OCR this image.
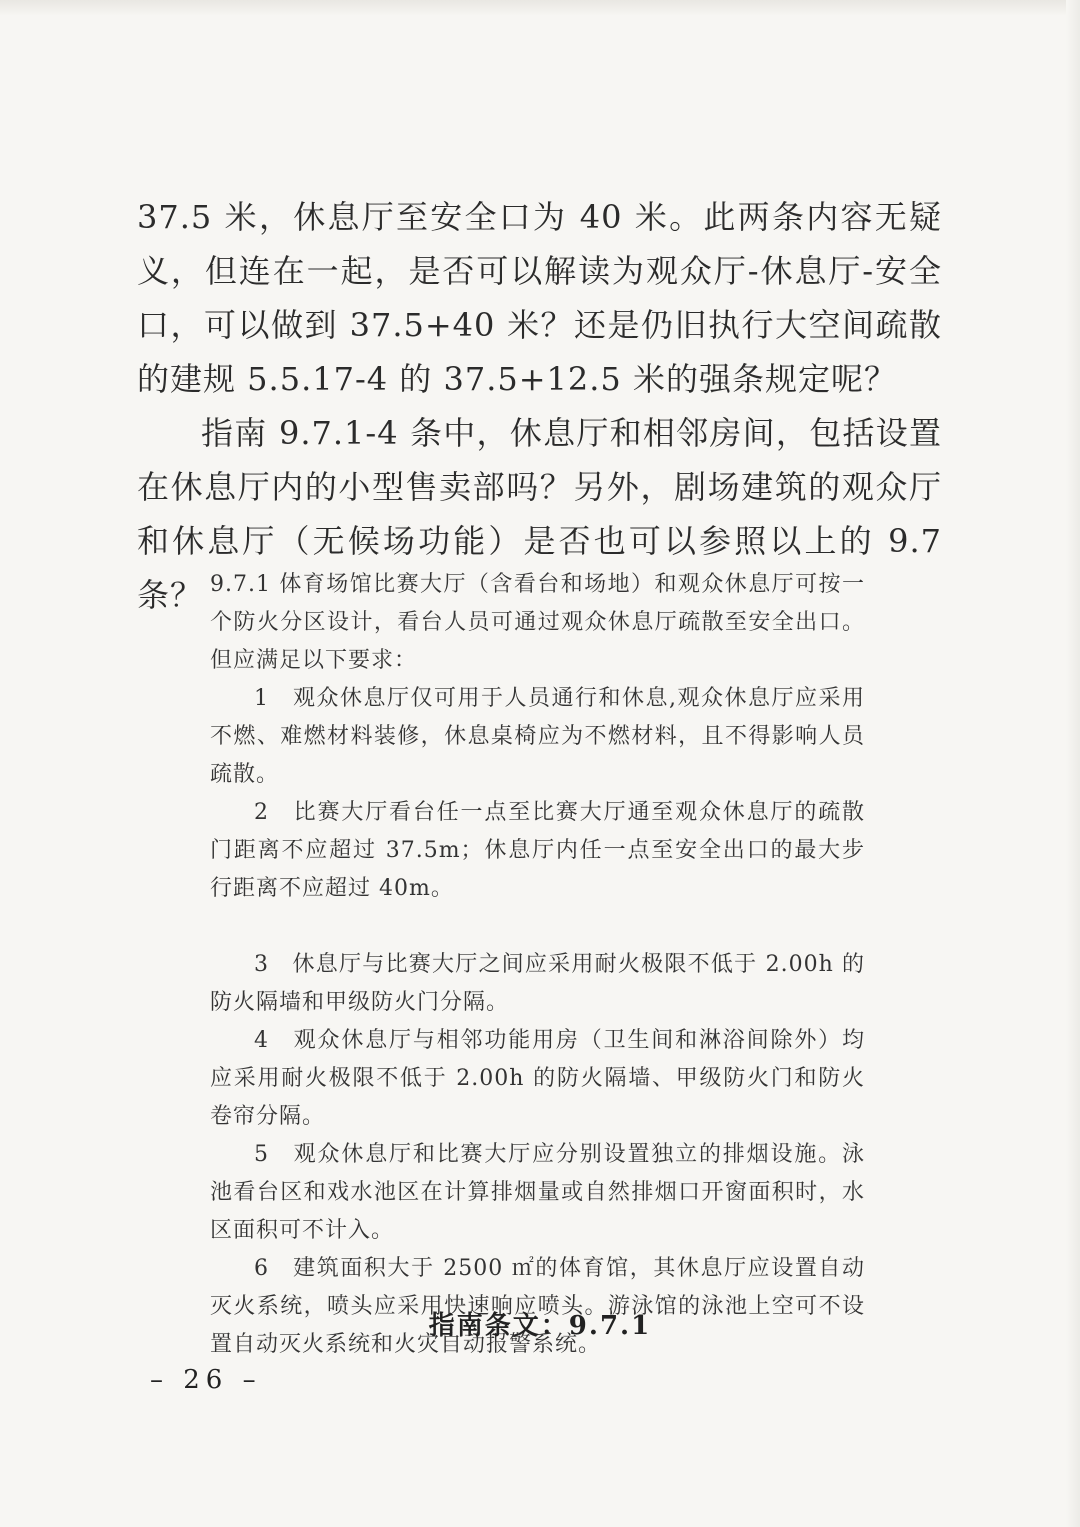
37.5 米，休息厅至安全口为 40 米。此两条内容无疑义，但连在一起，是否可以解读为观众厅-休息厅-安全口，可以做到 37.5+40 米？还是仍旧执行大空间疏散的建规 5.5.17-4 的 37.5+12.5 米的强条规定呢？

指南 9.7.1-4 条中，休息厅和相邻房间，包括设置在休息厅内的小型售卖部吗？另外，剧场建筑的观众厅和休息厅（无候场功能）是否也可以参照以上的 9.7 条？ 9.7.1 体育场馆比赛大厅（含看台和场地）和观众休息厅可按一个防火分区设计，看台人员可通过观众休息厅疏散至安全出口。但应满足以下要求：

1　观众休息厅仅可用于人员通行和休息,观众休息厅应采用不燃、难燃材料装修，休息桌椅应为不燃材料，且不得影响人员疏散。

2　比赛大厅看台任一点至比赛大厅通至观众休息厅的疏散门距离不应超过 37.5m；休息厅内任一点至安全出口的最大步行距离不应超过 40m。

3　休息厅与比赛大厅之间应采用耐火极限不低于 2.00h 的防火隔墙和甲级防火门分隔。

4　观众休息厅与相邻功能用房（卫生间和淋浴间除外）均应采用耐火极限不低于 2.00h 的防火隔墙、甲级防火门和防火卷帘分隔。

5　观众休息厅和比赛大厅应分别设置独立的排烟设施。泳池看台区和戏水池区在计算排烟量或自然排烟口开窗面积时，水区面积可不计入。

6　建筑面积大于 2500 ㎡的体育馆，其休息厅应设置自动灭火系统，喷头应采用快速响应喷头。游泳馆的泳池上空可不设置自动灭火系统和火灾自动报警系统。

指南条文：9.7.1
– 26 –
